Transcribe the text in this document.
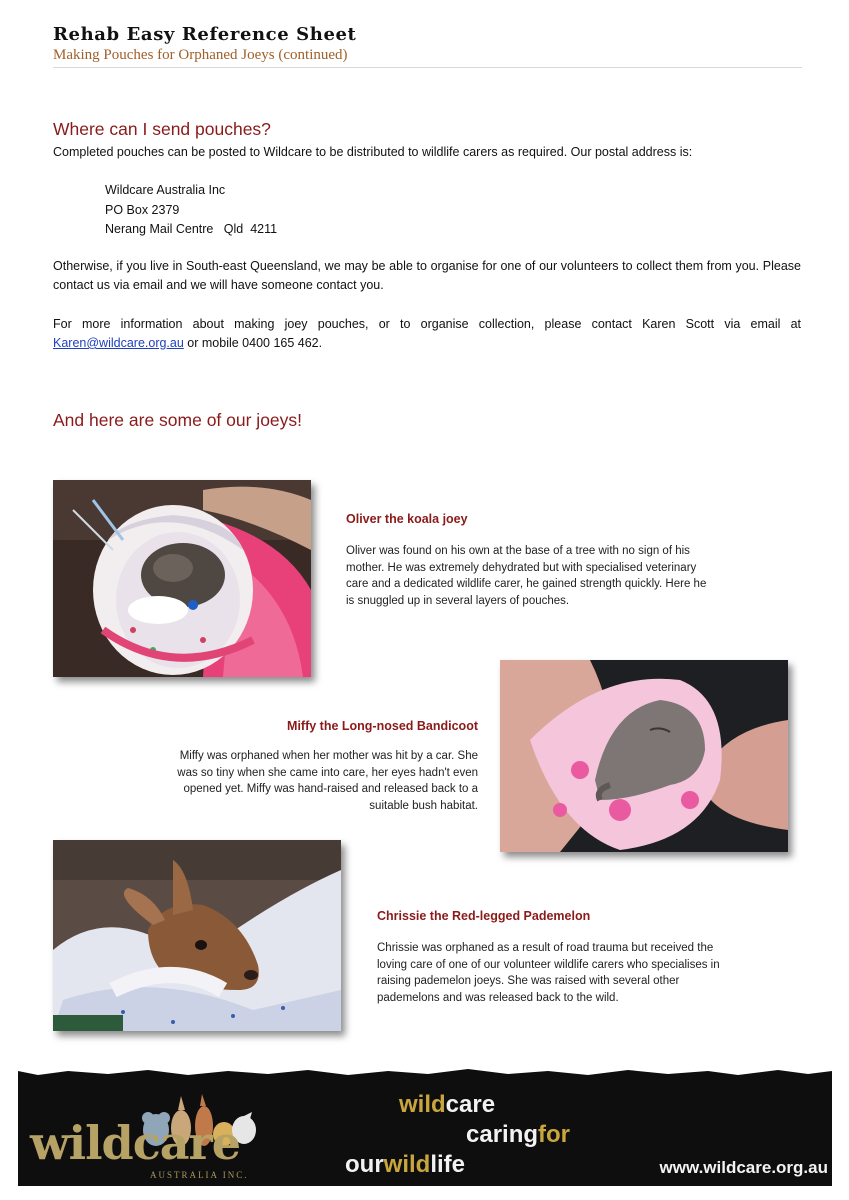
Rehab Easy Reference Sheet
Making Pouches for Orphaned Joeys (continued)
Where can I send pouches?
Completed pouches can be posted to Wildcare to be distributed to wildlife carers as required. Our postal address is:
Wildcare Australia Inc
PO Box 2379
Nerang Mail Centre   Qld  4211
Otherwise, if you live in South-east Queensland, we may be able to organise for one of our volunteers to collect them from you. Please contact us via email and we will have someone contact you.
For more information about making joey pouches, or to organise collection, please contact Karen Scott via email at Karen@wildcare.org.au or mobile 0400 165 462.
And here are some of our joeys!
Oliver the koala joey
Oliver was found on his own at the base of a tree with no sign of his mother. He was extremely dehydrated but with specialised veterinary care and a dedicated wildlife carer, he gained strength quickly. Here he is snuggled up in several layers of pouches.
Miffy the Long-nosed Bandicoot
Miffy was orphaned when her mother was hit by a car. She was so tiny when she came into care, her eyes hadn't even opened yet. Miffy was hand-raised and released back to a suitable bush habitat.
Chrissie the Red-legged Pademelon
Chrissie was orphaned as a result of road trauma but received the loving care of one of our volunteer wildlife carers who specialises in raising pademelon joeys. She was raised with several other pademelons and was released back to the wild.
wildcare
AUSTRALIA INC.
wildcare
caringfor
ourwildlife	www.wildcare.org.au
